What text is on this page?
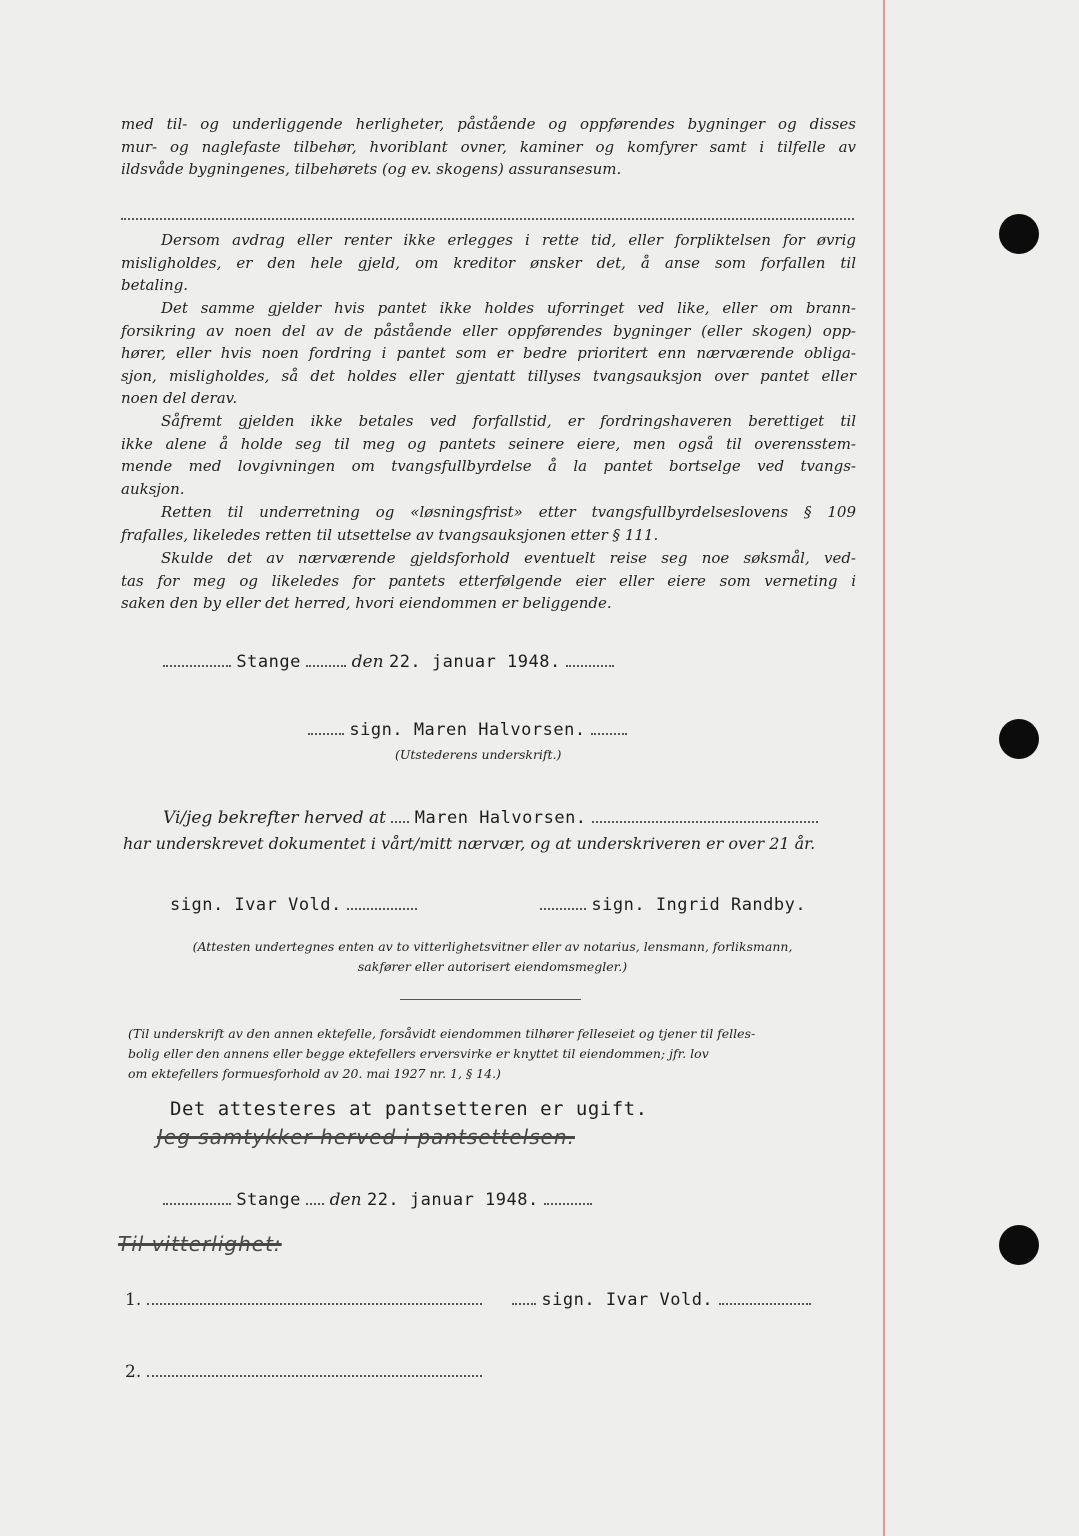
med til- og underliggende herligheter, påstående og oppførendes bygninger og disses
mur- og naglefaste tilbehør, hvoriblant ovner, kaminer og komfyrer samt i tilfelle av
ildsvåde bygningenes, tilbehørets (og ev. skogens) assuransesum.
Dersom avdrag eller renter ikke erlegges i rette tid, eller forpliktelsen for øvrig
misligholdes, er den hele gjeld, om kreditor ønsker det, å anse som forfallen til
betaling.
Det samme gjelder hvis pantet ikke holdes uforringet ved like, eller om brann-
forsikring av noen del av de påstående eller oppførendes bygninger (eller skogen) opp-
hører, eller hvis noen fordring i pantet som er bedre prioritert enn nærværende obliga-
sjon, misligholdes, så det holdes eller gjentatt tillyses tvangsauksjon over pantet eller
noen del derav.
Såfremt gjelden ikke betales ved forfallstid, er fordringshaveren berettiget til
ikke alene å holde seg til meg og pantets seinere eiere, men også til overensstem-
mende med lovgivningen om tvangsfullbyrdelse å la pantet bortselge ved tvangs-
auksjon.
Retten til underretning og «løsningsfrist» etter tvangsfullbyrdelseslovens § 109
frafalles, likeledes retten til utsettelse av tvangsauksjonen etter § 111.
Skulde det av nærværende gjeldsforhold eventuelt reise seg noe søksmål, ved-
tas for meg og likeledes for pantets etterfølgende eier eller eiere som verneting i
saken den by eller det herred, hvori eiendommen er beliggende.
Stange	den 22. januar 1948.
sign. Maren Halvorsen.
(Utstederens underskrift.)
Vi/jeg bekrefter herved at Maren Halvorsen.
har underskrevet dokumentet i vårt/mitt nærvær, og at underskriveren er over 21 år.
sign. Ivar Vold.	sign. Ingrid Randby.
(Attesten undertegnes enten av to vitterlighetsvitner eller av notarius, lensmann, forliksmann,
sakfører eller autorisert eiendomsmegler.)
(Til underskrift av den annen ektefelle, forsåvidt eiendommen tilhører felleseiet og tjener til felles-
bolig eller den annens eller begge ektefellers erversvirke er knyttet til eiendommen; jfr. lov
om ektefellers formuesforhold av 20. mai 1927 nr. 1, § 14.)
Det attesteres at pantsetteren er ugift.
Jeg samtykker herved i pantsettelsen.
Stange den 22. januar 1948.
Til vitterlighet:
1.	sign. Ivar Vold.
2.
